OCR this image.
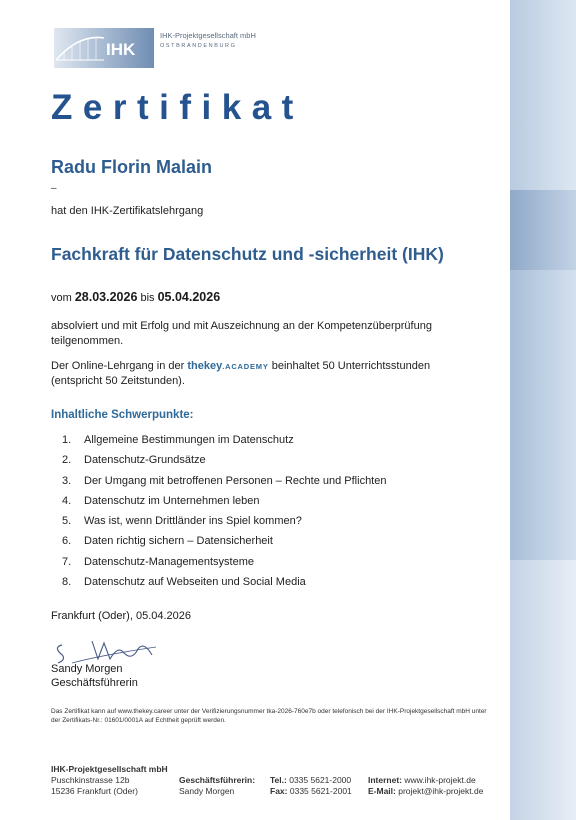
IHK
IHK-Projektgesellschaft mbH
OSTBRANDENBURG
Zertifikat
Radu Florin Malain
–
hat den IHK-Zertifikatslehrgang
Fachkraft für Datenschutz und -sicherheit (IHK)
vom 28.03.2026 bis 05.04.2026
absolviert und mit Erfolg und mit Auszeichnung an der Kompetenzüberprüfung teilgenommen.
Der Online-Lehrgang in der thekey.ACADEMY beinhaltet 50 Unterrichtsstunden (entspricht 50 Zeitstunden).
Inhaltliche Schwerpunkte:
1.	Allgemeine Bestimmungen im Datenschutz
2.	Datenschutz-Grundsätze
3.	Der Umgang mit betroffenen Personen – Rechte und Pflichten
4.	Datenschutz im Unternehmen leben
5.	Was ist, wenn Drittländer ins Spiel kommen?
6.	Daten richtig sichern – Datensicherheit
7.	Datenschutz-Managementsysteme
8.	Datenschutz auf Webseiten und Social Media
Frankfurt (Oder), 05.04.2026
Sandy Morgen
Geschäftsführerin
Das Zertifikat kann auf www.thekey.career unter der Verifizierungsnummer tka-2026-760e7b oder telefonisch bei der IHK-Projektgesellschaft mbH unter der Zertifikats-Nr.: 01601/0001A auf Echtheit geprüft werden.
IHK-Projektgesellschaft mbH
Puschkinstrasse 12b
15236 Frankfurt (Oder)
Geschäftsführerin:
Sandy Morgen
Tel.: 0335 5621-2000
Fax: 0335 5621-2001
Internet: www.ihk-projekt.de
E-Mail: projekt@ihk-projekt.de
